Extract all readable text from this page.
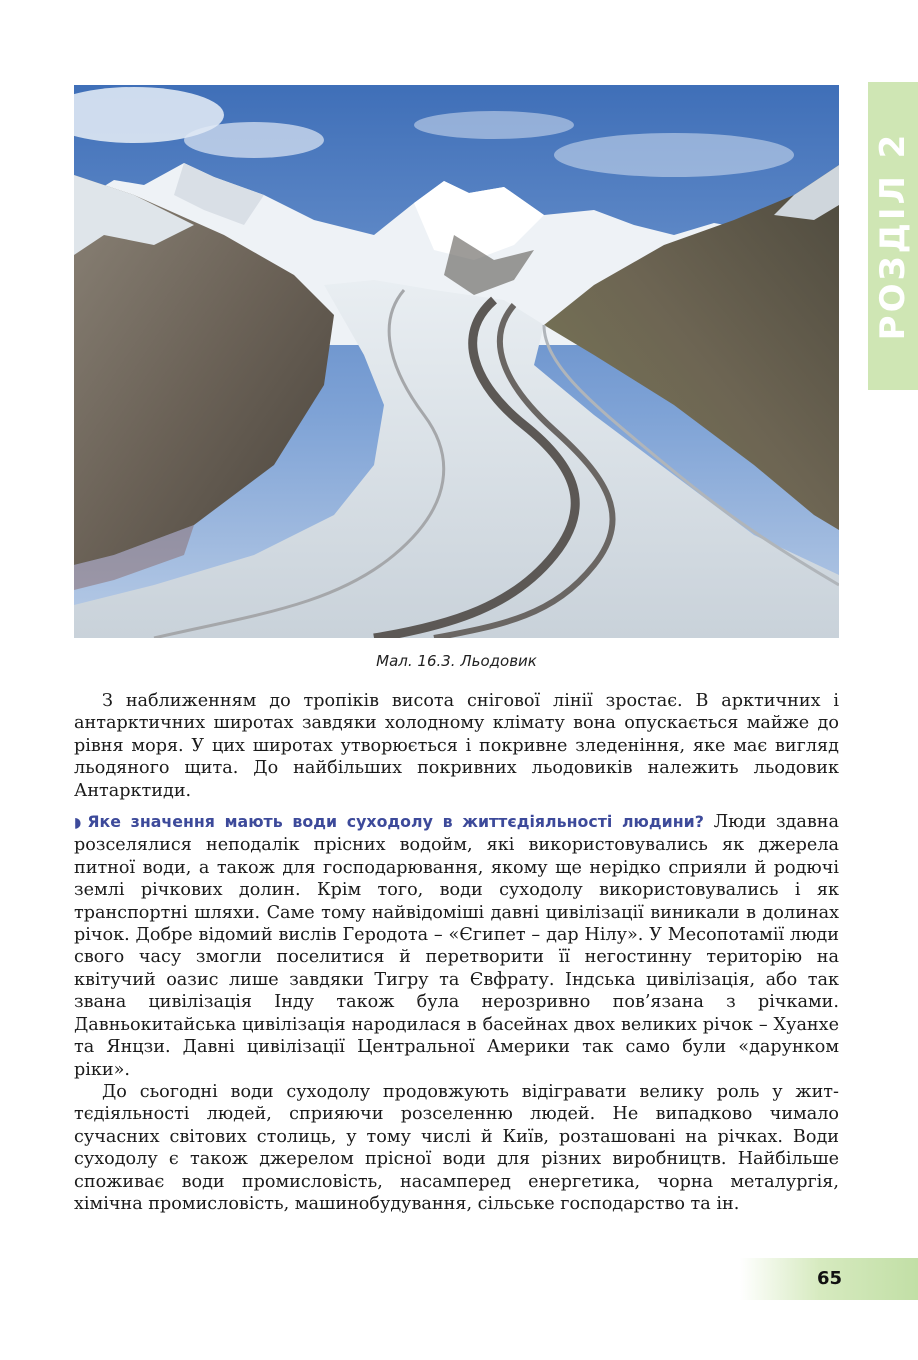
РОЗДІЛ 2
Мал. 16.3. Льодовик

З наближенням до тропіків висота снігової лінії зростає. В арктичних і антарктичних широтах завдяки холодному клімату вона опускається майже до рівня моря. У цих широтах утворюється і покривне зледеніння, яке має вигляд льодяного щита. До найбільших покривних льодовиків належить льодовик Антарктиди.

◗ Яке значення мають води суходолу в життєдіяльності людини? Люди здавна розселялися неподалік прісних водойм, які використовувались як джерела питної води, а також для господарювання, якому ще нерідко сприяли й родючі землі річкових долин. Крім того, води суходолу використовувались і як транспортні шляхи. Саме тому найвідоміші давні цивілізації виникали в долинах річок. Добре відомий вислів Геродота – «Єгипет – дар Нілу». У Месопотамії люди свого часу змогли поселитися й перетворити її негостинну територію на квітучий оазис лише завдяки Тигру та Євфрату. Індська цивілізація, або так звана цивілізація Інду також була нерозривно пов’язана з річками. Давньокитайська цивілізація народилася в басейнах двох великих річок – Хуанхе та Янцзи. Давні цивілізації Центральної Америки так само були «дарунком ріки».

До сьогодні води суходолу продовжують відігравати велику роль у життєдіяльності людей, сприяючи розселенню людей. Не випадково чимало сучасних світових столиць, у тому числі й Київ, розташовані на річках. Води суходолу є також джерелом прісної води для різних виробництв. Найбільше споживає води промисловість, насамперед енергетика, чорна металургія, хімічна промисловість, машинобудування, сільське господарство та ін.

65
